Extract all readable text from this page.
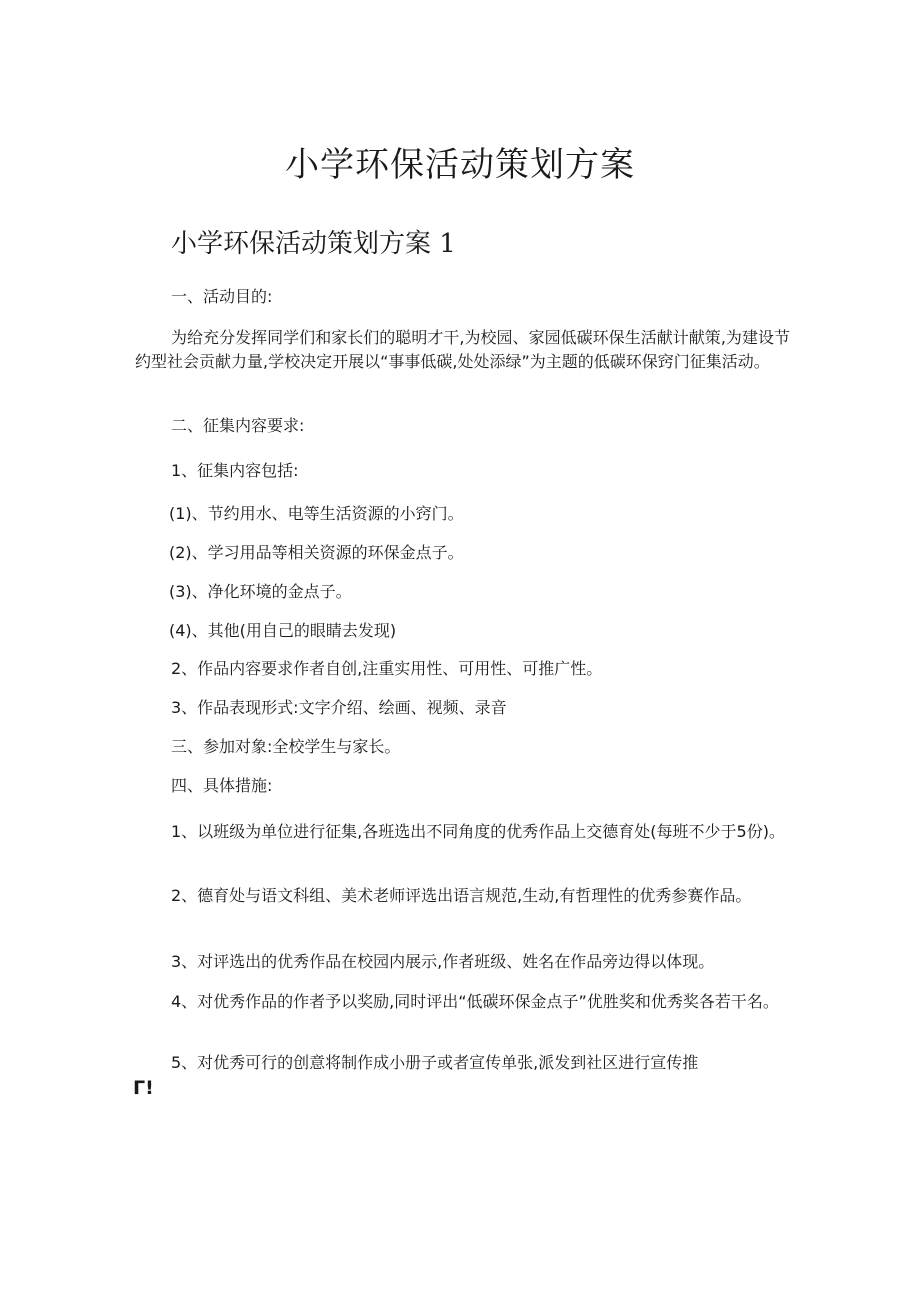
小学环保活动策划方案
小学环保活动策划方案 1
一、活动目的:
为给充分发挥同学们和家长们的聪明才干,为校园、家园低碳环保生活献计献策,为建设节约型社会贡献力量,学校决定开展以“事事低碳,处处添绿”为主题的低碳环保窍门征集活动。
二、征集内容要求:
1、征集内容包括:
(1)、节约用水、电等生活资源的小窍门。
(2)、学习用品等相关资源的环保金点子。
(3)、净化环境的金点子。
(4)、其他(用自己的眼睛去发现)
2、作品内容要求作者自创,注重实用性、可用性、可推广性。
3、作品表现形式:文字介绍、绘画、视频、录音
三、参加对象:全校学生与家长。
四、具体措施:
1、以班级为单位进行征集,各班选出不同角度的优秀作品上交德育处(每班不少于5份)。
2、德育处与语文科组、美术老师评选出语言规范,生动,有哲理性的优秀参赛作品。
3、对评选出的优秀作品在校园内展示,作者班级、姓名在作品旁边得以体现。
4、对优秀作品的作者予以奖励,同时评出“低碳环保金点子”优胜奖和优秀奖各若干名。
5、对优秀可行的创意将制作成小册子或者宣传单张,派发到社区进行宣传推
Γ!
